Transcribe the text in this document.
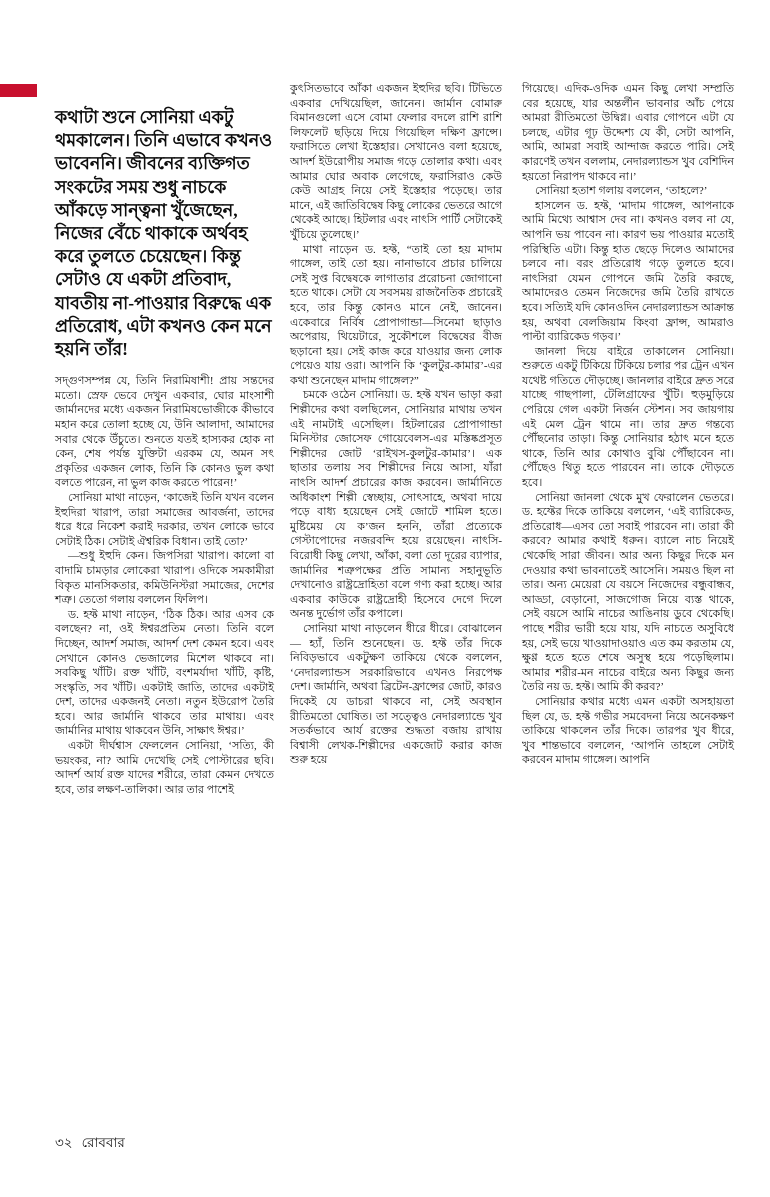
কথাটা শুনে সোনিয়া একটু থমকালেন। তিনি এভাবে কখনও ভাবেননি। জীবনের ব্যক্তিগত সংকটের সময় শুধু নাচকে আঁকড়ে সান্ত্বনা খুঁজেছেন, নিজের বেঁচে থাকাকে অর্থবহ করে তুলতে চেয়েছেন। কিন্তু সেটাও যে একটা প্রতিবাদ, যাবতীয় না-পাওয়ার বিরুদ্ধে এক প্রতিরোধ, এটা কখনও কেন মনে হয়নি তাঁর!

সদ্‌গুণসম্পন্ন যে, তিনি নিরামিষাশী! প্রায় সন্তদের মতো। স্রেফ ভেবে দেখুন একবার, ঘোর মাংসাশী জার্মানদের মধ্যে একজন নিরামিষভোজীকে কীভাবে মহান করে তোলা হচ্ছে যে, উনি আলাদা, আমাদের সবার থেকে উঁচুতে। শুনতে যতই হাস্যকর হোক না কেন, শেষ পর্যন্ত যুক্তিটা এরকম যে, অমন সৎ প্রকৃতির একজন লোক, তিনি কি কোনও ভুল কথা বলতে পারেন, না ভুল কাজ করতে পারেন!’

সোনিয়া মাথা নাড়েন, ‘কাজেই তিনি যখন বলেন ইহুদিরা খারাপ, তারা সমাজের আবর্জনা, তাদের ধরে ধরে নিকেশ করাই দরকার, তখন লোকে ভাবে সেটাই ঠিক। সেটাই ঐশ্বরিক বিধান। তাই তো?’

—শুধু ইহুদি কেন। জিপসিরা খারাপ। কালো বা বাদামি চামড়ার লোকেরা খারাপ। ওদিকে সমকামীরা বিকৃত মানসিকতার, কমিউনিস্টরা সমাজের, দেশের শত্রু। তেতো গলায় বললেন ফিলিপ।

ড. হফ্ট মাথা নাড়েন, ‘ঠিক ঠিক। আর এসব কে বলছেন? না, ওই ঈশ্বরপ্রতিম নেতা। তিনি বলে দিচ্ছেন, আদর্শ সমাজ, আদর্শ দেশ কেমন হবে। এবং সেখানে কোনও ভেজালের মিশেল থাকবে না। সবকিছু খাঁটি। রক্ত খাঁটি, বংশমর্যাদা খাঁটি, কৃষ্টি, সংস্কৃতি, সব খাঁটি। একটাই জাতি, তাদের একটাই দেশ, তাদের একজনই নেতা। নতুন ইউরোপ তৈরি হবে। আর জার্মানি থাকবে তার মাথায়। এবং জার্মানির মাথায় থাকবেন উনি, সাক্ষাৎ ঈশ্বর।’

একটা দীর্ঘশ্বাস ফেললেন সোনিয়া, ‘সত্যি, কী ভয়ংকর, না? আমি দেখেছি সেই পোস্টারের ছবি। আদর্শ আর্য রক্ত যাদের শরীরে, তারা কেমন দেখতে হবে, তার লক্ষণ-তালিকা। আর তার পাশেই

কুৎসিতভাবে আঁকা একজন ইহুদির ছবি। টিভিতে একবার দেখিয়েছিল, জানেন। জার্মান বোমারু বিমানগুলো এসে বোমা ফেলার বদলে রাশি রাশি লিফলেট ছড়িয়ে দিয়ে গিয়েছিল দক্ষিণ ফ্রান্সে। ফরাসিতে লেখা ইস্তেহার। সেখানেও বলা হয়েছে, আদর্শ ইউরোপীয় সমাজ গড়ে তোলার কথা। এবং আমার ঘোর অবাক লেগেছে, ফরাসিরাও কেউ কেউ আগ্রহ নিয়ে সেই ইস্তেহার পড়েছে। তার মানে, এই জাতিবিদ্বেষ কিছু লোকের ভেতরে আগে থেকেই আছে। হিটলার এবং নাৎসি পার্টি সেটাকেই খুঁচিয়ে তুলেছে।’

মাথা নাড়েন ড. হফ্ট, “তাই তো হয় মাদাম গাঙ্গেল, তাই তো হয়। নানাভাবে প্রচার চালিয়ে সেই সুপ্ত বিদ্বেষকে লাগাতার প্ররোচনা জোগানো হতে থাকে। সেটা যে সবসময় রাজনৈতিক প্রচারেই হবে, তার কিন্তু কোনও মানে নেই, জানেন। একেবারে নির্বিষ প্রোপাগান্ডা—সিনেমা ছাড়াও অপেরায়, থিয়েটারে, সুকৌশলে বিদ্বেষের বীজ ছড়ানো হয়। সেই কাজ করে যাওয়ার জন্য লোক পেয়েও যায় ওরা। আপনি কি ‘কুলটুর-কামার’-এর কথা শুনেছেন মাদাম গাঙ্গেল?”

চমকে ওঠেন সোনিয়া। ড. হফ্ট যখন ভাড়া করা শিল্পীদের কথা বলছিলেন, সোনিয়ার মাথায় তখন এই নামটাই এসেছিল। হিটলারের প্রোপাগান্ডা মিনিস্টার জোসেফ গোয়েবেলস-এর মস্তিষ্কপ্রসূত শিল্পীদের জোট ‘রাইখস-কুলটুর-কামার’। এক ছাতার তলায় সব শিল্পীদের নিয়ে আসা, যাঁরা নাৎসি আদর্শ প্রচারের কাজ করবেন। জার্মানিতে অধিকাংশ শিল্পী স্বেচ্ছায়, সোৎসাহে, অথবা দায়ে পড়ে বাধ্য হয়েছেন সেই জোটে শামিল হতে। মুষ্টিমেয় যে ক’জন হননি, তাঁরা প্রত্যেকে গেস্টাপোদের নজরবন্দি হয়ে রয়েছেন। নাৎসি-বিরোধী কিছু লেখা, আঁকা, বলা তো দূরের ব্যাপার, জার্মানির শত্রুপক্ষের প্রতি সামান্য সহানুভূতি দেখানোও রাষ্ট্রদ্রোহিতা বলে গণ্য করা হচ্ছে। আর একবার কাউকে রাষ্ট্রদ্রোহী হিসেবে দেগে দিলে অনন্ত দুর্ভোগ তাঁর কপালে।

সোনিয়া মাথা নাড়লেন ধীরে ধীরে। বোঝালেন— হ্যাঁ, তিনি শুনেছেন। ড. হফ্ট তাঁর দিকে নিবিড়ভাবে একটুক্ষণ তাকিয়ে থেকে বললেন, ‘নেদারল্যান্ডস সরকারিভাবে এখনও নিরপেক্ষ দেশ। জার্মানি, অথবা ব্রিটেন-ফ্রান্সের জোট, কারও দিকেই যে ডাচরা থাকবে না, সেই অবস্থান রীতিমতো ঘোষিত। তা সত্ত্বেও নেদারল্যান্ডে খুব সতর্কভাবে আর্য রক্তের শুদ্ধতা বজায় রাখায় বিশ্বাসী লেখক-শিল্পীদের একজোট করার কাজ শুরু হয়ে

গিয়েছে। এদিক-ওদিক এমন কিছু লেখা সম্প্রতি বের হয়েছে, যার অন্তর্লীন ভাবনার আঁচ পেয়ে আমরা রীতিমতো উদ্বিগ্ন। এবার গোপনে এটা যে চলছে, এটার গূঢ় উদ্দেশ্য যে কী, সেটা আপনি, আমি, আমরা সবাই আন্দাজ করতে পারি। সেই কারণেই তখন বললাম, নেদারল্যান্ডস খুব বেশিদিন হয়তো নিরাপদ থাকবে না।’

সোনিয়া হতাশ গলায় বললেন, ‘তাহলে?’

হাসলেন ড. হফ্ট, ‘মাদাম গাঙ্গেল, আপনাকে আমি মিথ্যে আশ্বাস দেব না। কখনও বলব না যে, আপনি ভয় পাবেন না। কারণ ভয় পাওয়ার মতোই পরিস্থিতি এটা। কিন্তু হাত ছেড়ে দিলেও আমাদের চলবে না। বরং প্রতিরোধ গড়ে তুলতে হবে। নাৎসিরা যেমন গোপনে জমি তৈরি করছে, আমাদেরও তেমন নিজেদের জমি তৈরি রাখতে হবে। সত্যিই যদি কোনওদিন নেদারল্যান্ডস আক্রান্ত হয়, অথবা বেলজিয়াম কিংবা ফ্রান্স, আমরাও পাল্টা ব্যারিকেড গড়ব।’

জানলা দিয়ে বাইরে তাকালেন সোনিয়া। শুরুতে একটু টিকিয়ে টিকিয়ে চলার পর ট্রেন এখন যথেষ্ট গতিতে দৌড়চ্ছে। জানলার বাইরে দ্রুত সরে যাচ্ছে গাছপালা, টেলিগ্রাফের খুঁটি। হুড়মুড়িয়ে পেরিয়ে গেল একটা নির্জন স্টেশন। সব জায়গায় এই মেল ট্রেন থামে না। তার দ্রুত গন্তব্যে পৌঁছনোর তাড়া। কিন্তু সোনিয়ার হঠাৎ মনে হতে থাকে, তিনি আর কোথাও বুঝি পৌঁছাবেন না। পৌঁছেও থিতু হতে পারবেন না। তাকে দৌড়তে হবে।

সোনিয়া জানলা থেকে মুখ ফেরালেন ভেতরে। ড. হফ্টের দিকে তাকিয়ে বললেন, ‘এই ব্যারিকেড, প্রতিরোধ—এসব তো সবাই পারবেন না। তারা কী করবে? আমার কথাই ধরুন। ব্যালে নাচ নিয়েই থেকেছি সারা জীবন। আর অন্য কিছুর দিকে মন দেওয়ার কথা ভাবনাতেই আসেনি। সময়ও ছিল না তার। অন্য মেয়েরা যে বয়সে নিজেদের বন্ধুবান্ধব, আড্ডা, বেড়ানো, সাজগোজ নিয়ে ব্যস্ত থাকে, সেই বয়সে আমি নাচের আঙিনায় ডুবে থেকেছি। পাছে শরীর ভারী হয়ে যায়, যদি নাচতে অসুবিধে হয়, সেই ভয়ে খাওয়াদাওয়াও এত কম করতাম যে, ক্ষুণ্ণ হতে হতে শেষে অসুস্থ হয়ে পড়েছিলাম। আমার শরীর-মন নাচের বাইরে অন্য কিছুর জন্য তৈরি নয় ড. হফ্ট। আমি কী করব?’

সোনিয়ার কথার মধ্যে এমন একটা অসহায়তা ছিল যে, ড. হফ্ট গভীর সমবেদনা নিয়ে অনেকক্ষণ তাকিয়ে থাকলেন তাঁর দিকে। তারপর খুব ধীরে, খুব শান্তভাবে বললেন, ‘আপনি তাহলে সেটাই করবেন মাদাম গাঙ্গেল। আপনি

৩২ রোববার
